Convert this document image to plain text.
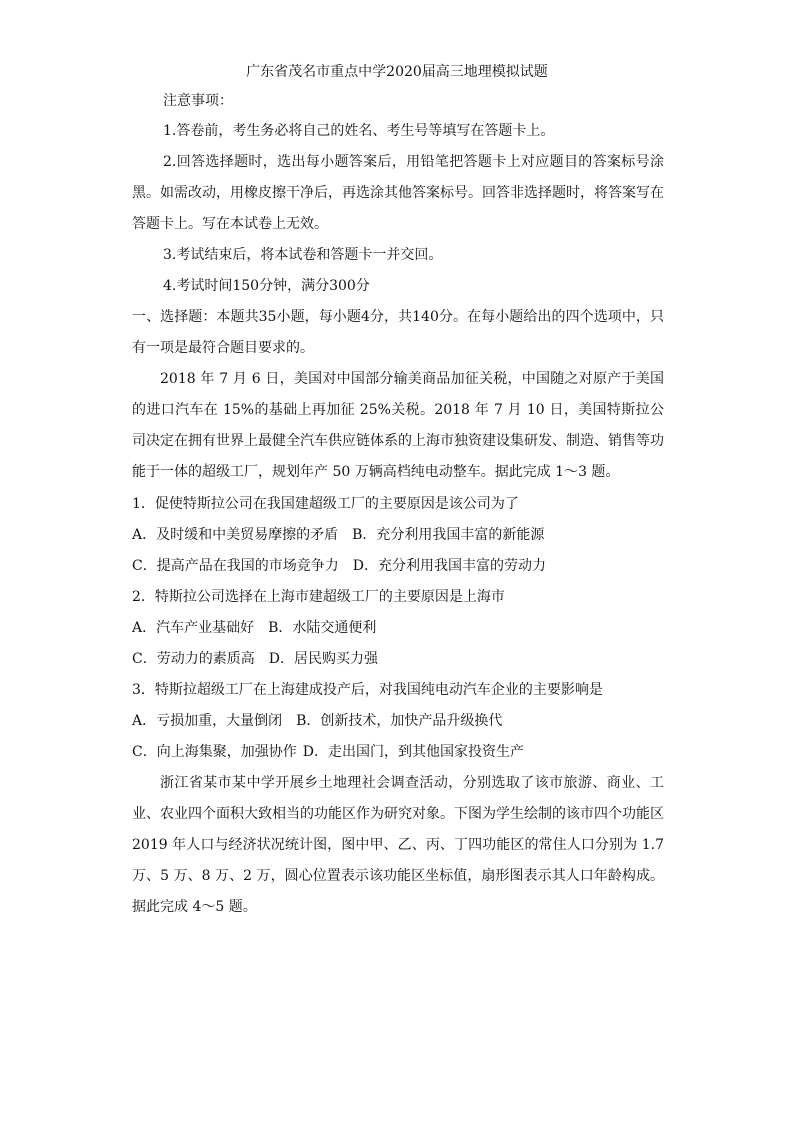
广东省茂名市重点中学2020届高三地理模拟试题
注意事项：
1.答卷前，考生务必将自己的姓名、考生号等填写在答题卡上。
2.回答选择题时，选出每小题答案后，用铅笔把答题卡上对应题目的答案标号涂黑。如需改动，用橡皮擦干净后，再选涂其他答案标号。回答非选择题时，将答案写在答题卡上。写在本试卷上无效。
3.考试结束后，将本试卷和答题卡一并交回。
4.考试时间150分钟，满分300分
一、选择题：本题共35小题，每小题4分，共140分。在每小题给出的四个选项中，只有一项是最符合题目要求的。
2018 年 7 月 6 日，美国对中国部分输美商品加征关税，中国随之对原产于美国的进口汽车在 15%的基础上再加征 25%关税。2018 年 7 月 10 日，美国特斯拉公司决定在拥有世界上最健全汽车供应链体系的上海市独资建设集研发、制造、销售等功能于一体的超级工厂，规划年产 50 万辆高档纯电动整车。据此完成 1～3 题。
1．促使特斯拉公司在我国建超级工厂的主要原因是该公司为了
A．及时缓和中美贸易摩擦的矛盾 B．充分利用我国丰富的新能源
C．提高产品在我国的市场竞争力 D．充分利用我国丰富的劳动力
2．特斯拉公司选择在上海市建超级工厂的主要原因是上海市
A．汽车产业基础好 B．水陆交通便利
C．劳动力的素质高 D．居民购买力强
3．特斯拉超级工厂在上海建成投产后，对我国纯电动汽车企业的主要影响是
A．亏损加重，大量倒闭 B．创新技术，加快产品升级换代
C．向上海集聚，加强协作 D．走出国门，到其他国家投资生产
浙江省某市某中学开展乡土地理社会调查活动，分别选取了该市旅游、商业、工业、农业四个面积大致相当的功能区作为研究对象。下图为学生绘制的该市四个功能区 2019 年人口与经济状况统计图，图中甲、乙、丙、丁四功能区的常住人口分别为 1.7万、5 万、8 万、2 万，圆心位置表示该功能区坐标值，扇形图表示其人口年龄构成。据此完成 4～5 题。
